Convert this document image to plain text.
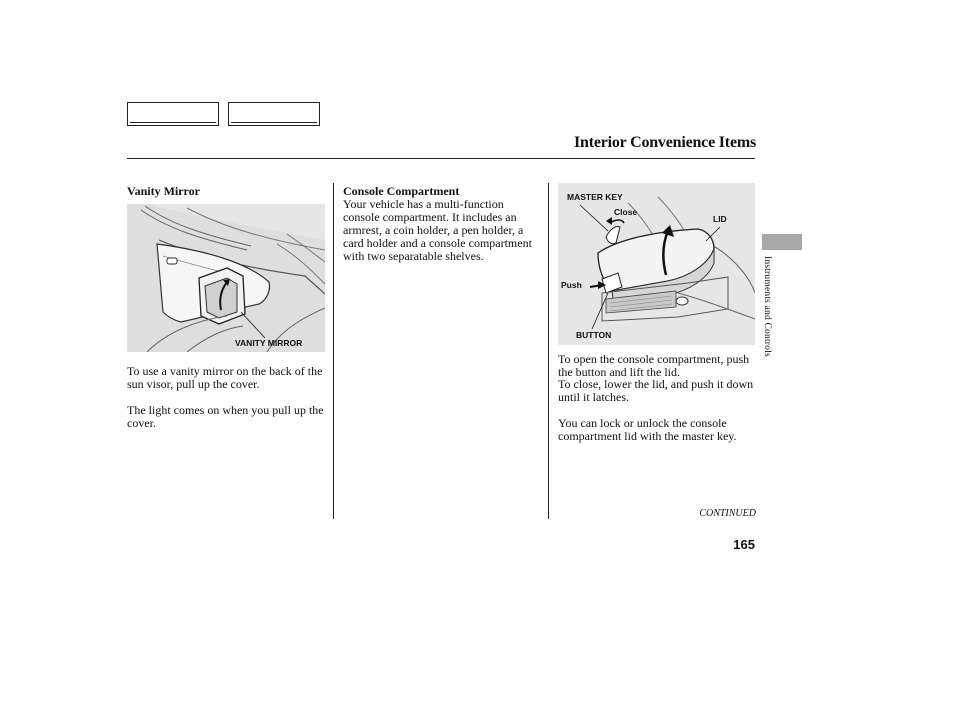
Interior Convenience Items
Vanity Mirror
VANITY MIRROR
To use a vanity mirror on the back of the sun visor, pull up the cover.
The light comes on when you pull up the cover.
Console Compartment
Your vehicle has a multi-function console compartment. It includes an armrest, a coin holder, a pen holder, a card holder and a console compartment with two separatable shelves.
MASTER KEY
Close
LID
Push
BUTTON
To open the console compartment, push the button and lift the lid.
To close, lower the lid, and push it down until it latches.
You can lock or unlock the console compartment lid with the master key.
Instruments and Controls
CONTINUED
165
